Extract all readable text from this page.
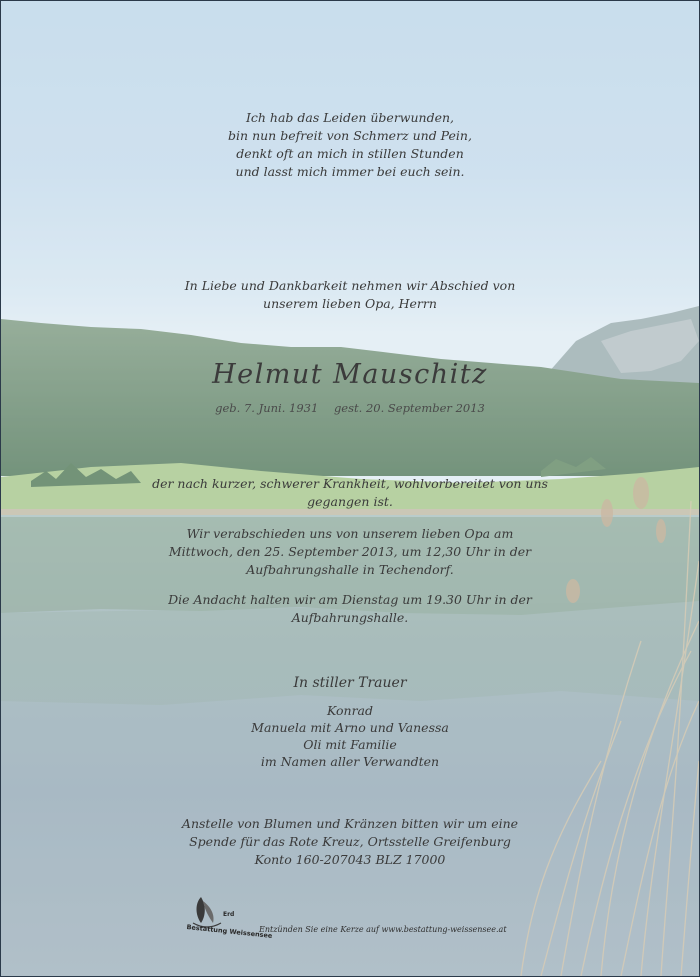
Ich hab das Leiden überwunden,
bin nun befreit von Schmerz und Pein,
denkt oft an mich in stillen Stunden
und lasst mich immer bei euch sein.
In Liebe und Dankbarkeit nehmen wir Abschied von
unserem lieben Opa, Herrn
Helmut Mauschitz
geb. 7. Juni. 1931 gest. 20. September 2013
der nach kurzer, schwerer Krankheit, wohlvorbereitet von uns
gegangen ist.
Wir verabschieden uns von unserem lieben Opa am
Mittwoch, den 25. September 2013, um 12,30 Uhr in der
Aufbahrungshalle in Techendorf.
Die Andacht halten wir am Dienstag um 19.30 Uhr in der
Aufbahrungshalle.
In stiller Trauer
Konrad
Manuela mit Arno und Vanessa
Oli mit Familie
im Namen aller Verwandten
Anstelle von Blumen und Kränzen bitten wir um eine
Spende für das Rote Kreuz, Ortsstelle Greifenburg
Konto 160-207043 BLZ 17000
Erd
Bestattung Weissensee
Entzünden Sie eine Kerze auf www.bestattung-weissensee.at
